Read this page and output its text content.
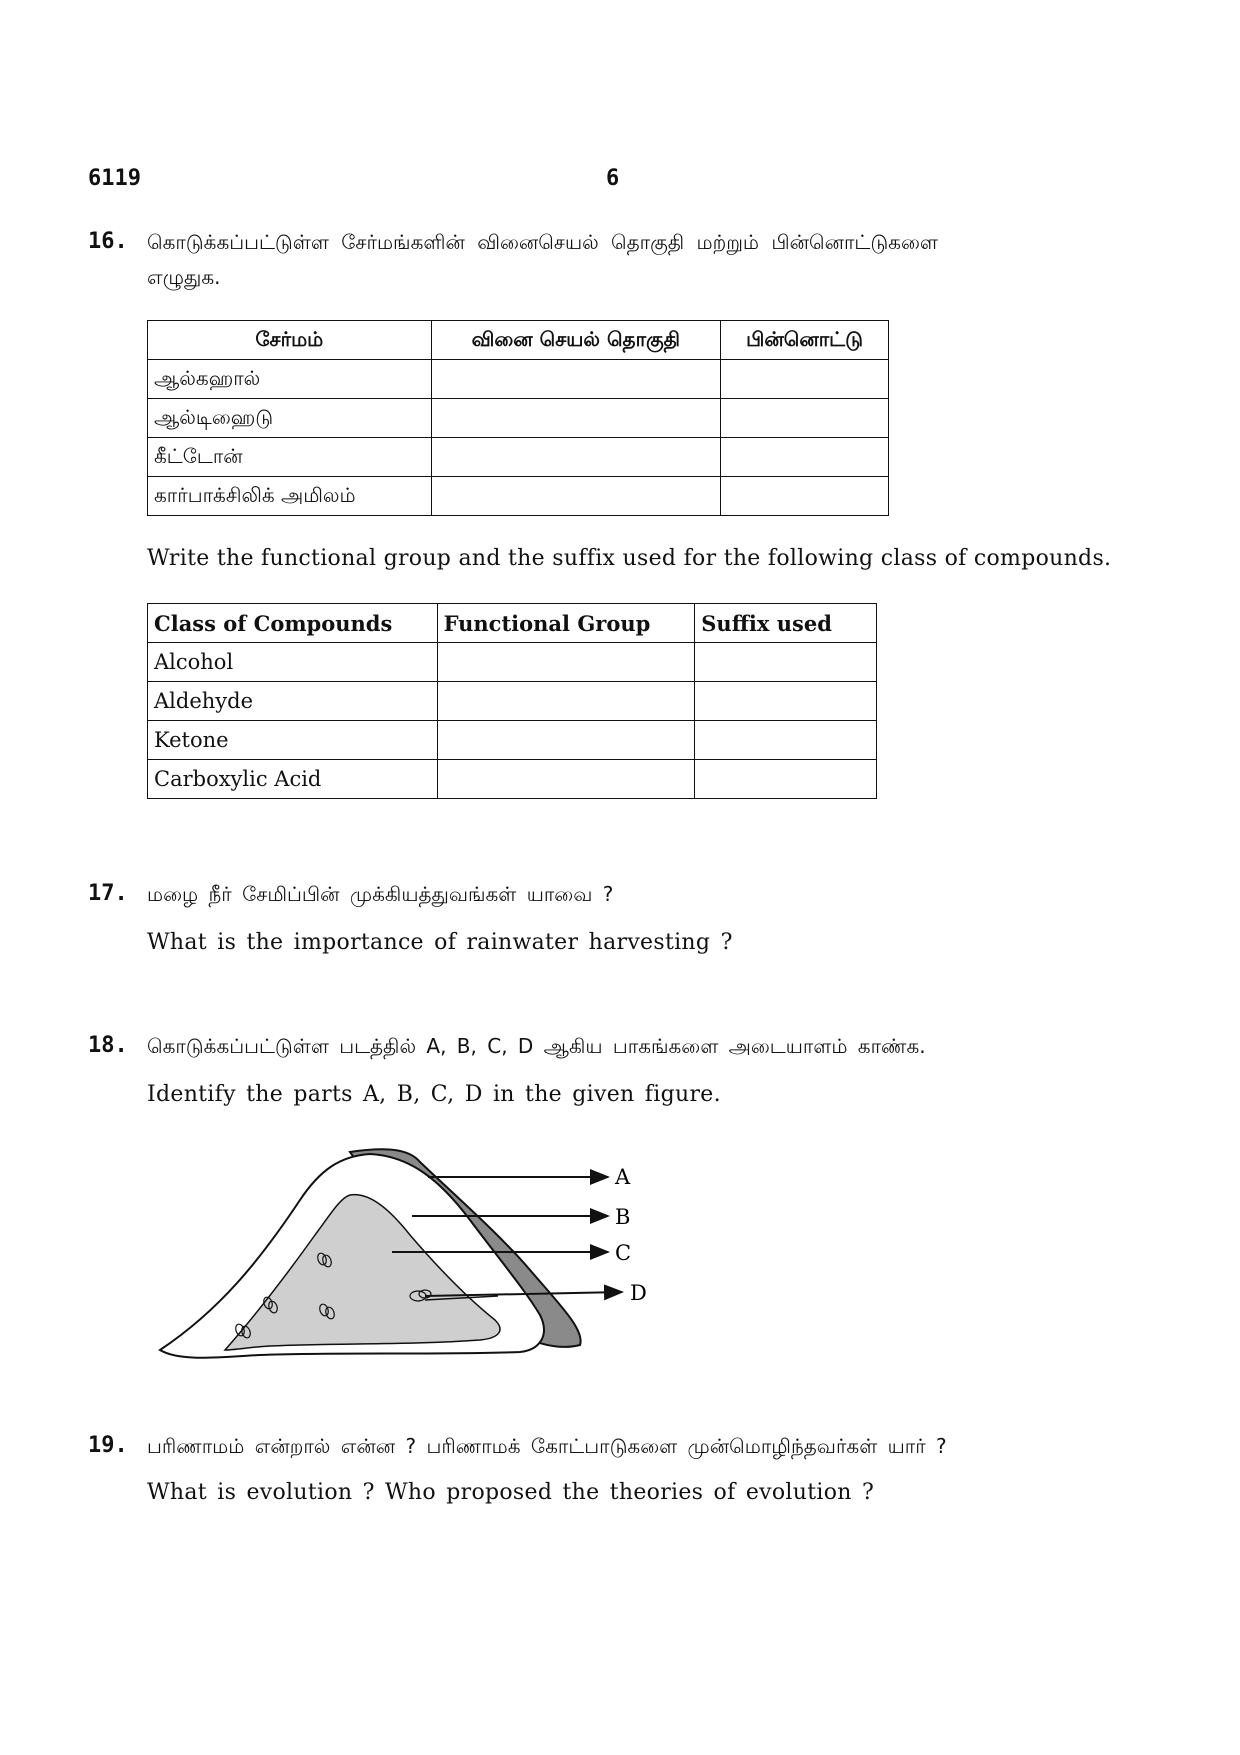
6119	6
16. கொடுக்கப்பட்டுள்ள சேர்மங்களின் வினைசெயல் தொகுதி மற்றும் பின்னொட்டுகளை
எழுதுக.
சேர்மம்	வினை செயல் தொகுதி	பின்னொட்டு
ஆல்கஹால்		
ஆல்டிஹைடு		
கீட்டோன்		
கார்பாக்சிலிக் அமிலம்		
Write the functional group and the suffix used for the following class of compounds.
Class of Compounds	Functional Group	Suffix used
Alcohol		
Aldehyde		
Ketone		
Carboxylic Acid		
17. மழை நீர் சேமிப்பின் முக்கியத்துவங்கள் யாவை ?
What is the importance of rainwater harvesting ?
18. கொடுக்கப்பட்டுள்ள படத்தில் A, B, C, D ஆகிய பாகங்களை அடையாளம் காண்க.
Identify the parts A, B, C, D in the given figure.
A
B
C
D
19. பரிணாமம் என்றால் என்ன ? பரிணாமக் கோட்பாடுகளை முன்மொழிந்தவர்கள் யார் ?
What is evolution ? Who proposed the theories of evolution ?
